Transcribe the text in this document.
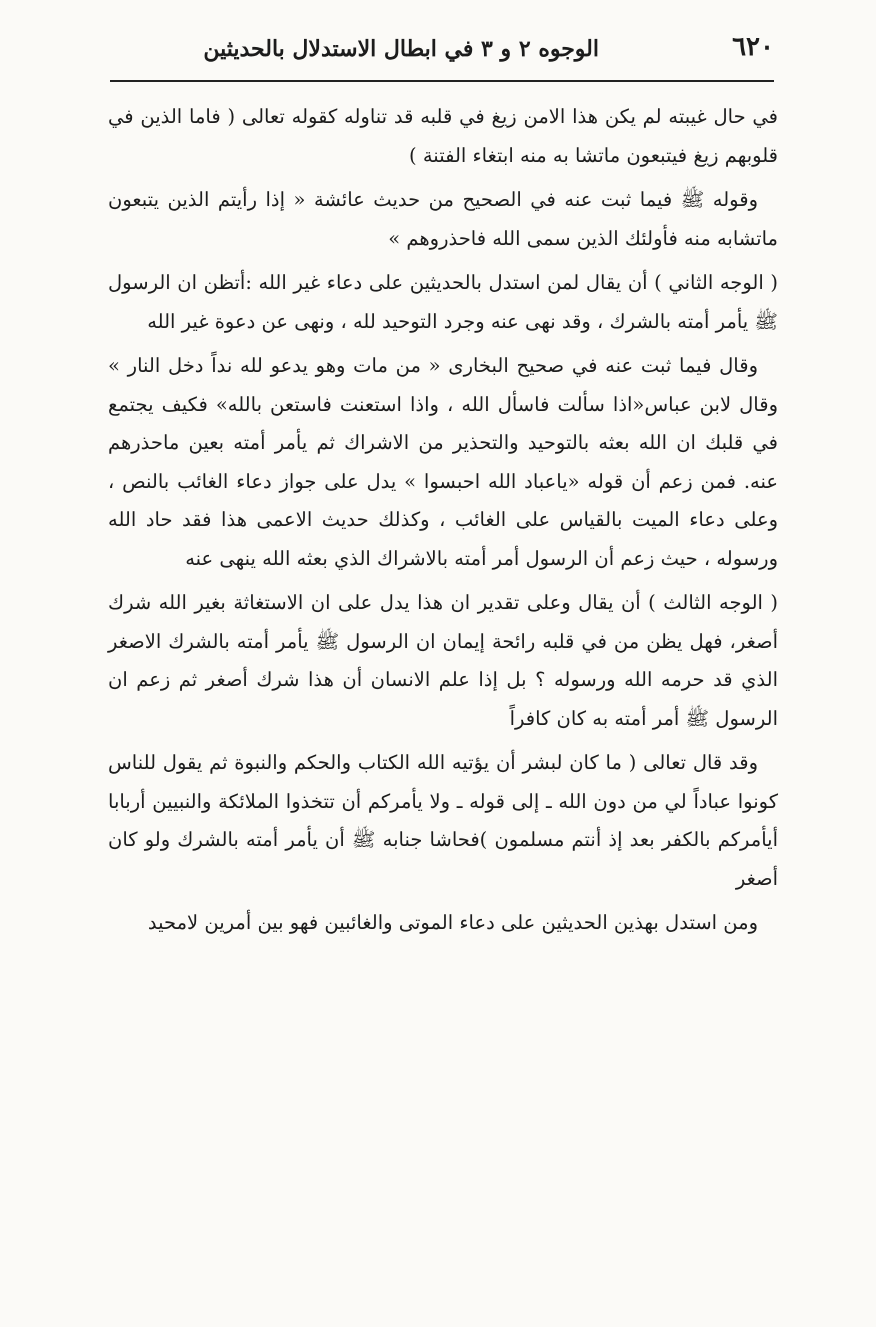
٦٢٠
الوجوه ٢ و ٣ في ابطال الاستدلال بالحديثين

في حال غيبته لم يكن هذا الامن زيغ في قلبه قد تناوله كقوله تعالى ( فاما الذين في قلوبهم زيغ فيتبعون ماتشا به منه ابتغاء الفتنة )

وقوله ﷺ فيما ثبت عنه في الصحيح من حديث عائشة « إذا رأيتم الذين يتبعون ماتشابه منه فأولئك الذين سمى الله فاحذروهم »

( الوجه الثاني ) أن يقال لمن استدل بالحديثين على دعاء غير الله :أتظن ان الرسول ﷺ يأمر أمته بالشرك ، وقد نهى عنه وجرد التوحيد لله ، ونهى عن دعوة غير الله

وقال فيما ثبت عنه في صحيح البخارى « من مات وهو يدعو لله نداً دخل النار » وقال لابن عباس«اذا سألت فاسأل الله ، واذا استعنت فاستعن بالله» فكيف يجتمع في قلبك ان الله بعثه بالتوحيد والتحذير من الاشراك ثم يأمر أمته بعين ماحذرهم عنه. فمن زعم أن قوله «ياعباد الله احبسوا » يدل على جواز دعاء الغائب بالنص ، وعلى دعاء الميت بالقياس على الغائب ، وكذلك حديث الاعمى هذا فقد حاد الله ورسوله ، حيث زعم أن الرسول أمر أمته بالاشراك الذي بعثه الله ينهى عنه

( الوجه الثالث ) أن يقال وعلى تقدير ان هذا يدل على ان الاستغاثة بغير الله شرك أصغر، فهل يظن من في قلبه رائحة إيمان ان الرسول ﷺ يأمر أمته بالشرك الاصغر الذي قد حرمه الله ورسوله ؟ بل إذا علم الانسان أن هذا شرك أصغر ثم زعم ان الرسول ﷺ أمر أمته به كان كافراً

وقد قال تعالى ( ما كان لبشر أن يؤتيه الله الكتاب والحكم والنبوة ثم يقول للناس كونوا عباداً لي من دون الله ـ إلى قوله ـ ولا يأمركم أن تتخذوا الملائكة والنبيين أربابا أيأمركم بالكفر بعد إذ أنتم مسلمون )فحاشا جنابه ﷺ أن يأمر أمته بالشرك ولو كان أصغر

ومن استدل بهذين الحديثين على دعاء الموتى والغائبين فهو بين أمرين لامحيد
